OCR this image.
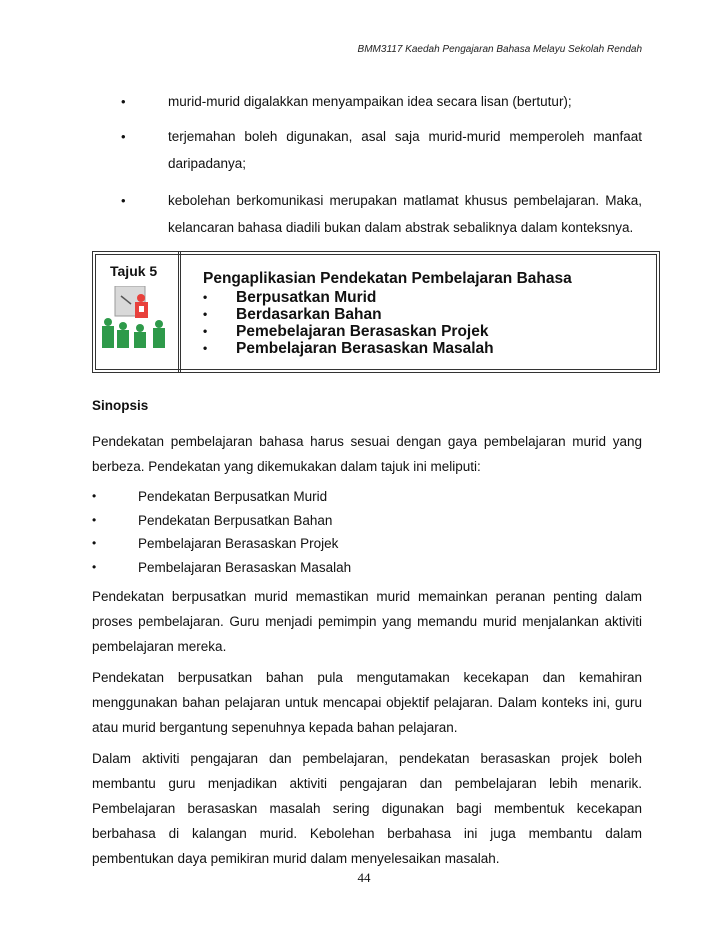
BMM3117 Kaedah Pengajaran Bahasa Melayu Sekolah Rendah
•	murid-murid digalakkan menyampaikan idea secara lisan (bertutur);
•	terjemahan boleh digunakan, asal saja murid-murid memperoleh manfaat daripadanya;
•	kebolehan berkomunikasi merupakan matlamat khusus pembelajaran. Maka, kelancaran bahasa diadili bukan dalam abstrak sebaliknya dalam konteksnya.
Tajuk 5	Pengaplikasian Pendekatan Pembelajaran Bahasa
• Berpusatkan Murid
• Berdasarkan Bahan
• Pemebelajaran Berasaskan Projek
• Pembelajaran Berasaskan Masalah
Sinopsis

Pendekatan pembelajaran bahasa harus sesuai dengan gaya pembelajaran murid yang berbeza. Pendekatan yang dikemukakan dalam tajuk ini meliputi:

•	Pendekatan Berpusatkan Murid
•	Pendekatan Berpusatkan Bahan
•	Pembelajaran Berasaskan Projek
•	Pembelajaran Berasaskan Masalah

Pendekatan berpusatkan murid memastikan murid memainkan peranan penting dalam proses pembelajaran. Guru menjadi pemimpin yang memandu murid menjalankan aktiviti pembelajaran mereka.

Pendekatan berpusatkan bahan pula mengutamakan kecekapan dan kemahiran menggunakan bahan pelajaran untuk mencapai objektif pelajaran. Dalam konteks ini, guru atau murid bergantung sepenuhnya kepada bahan pelajaran.

Dalam aktiviti pengajaran dan pembelajaran, pendekatan berasaskan projek boleh membantu guru menjadikan aktiviti pengajaran dan pembelajaran lebih menarik. Pembelajaran berasaskan masalah sering digunakan bagi membentuk kecekapan berbahasa di kalangan murid. Kebolehan berbahasa ini juga membantu dalam pembentukan daya pemikiran murid dalam menyelesaikan masalah.

44
